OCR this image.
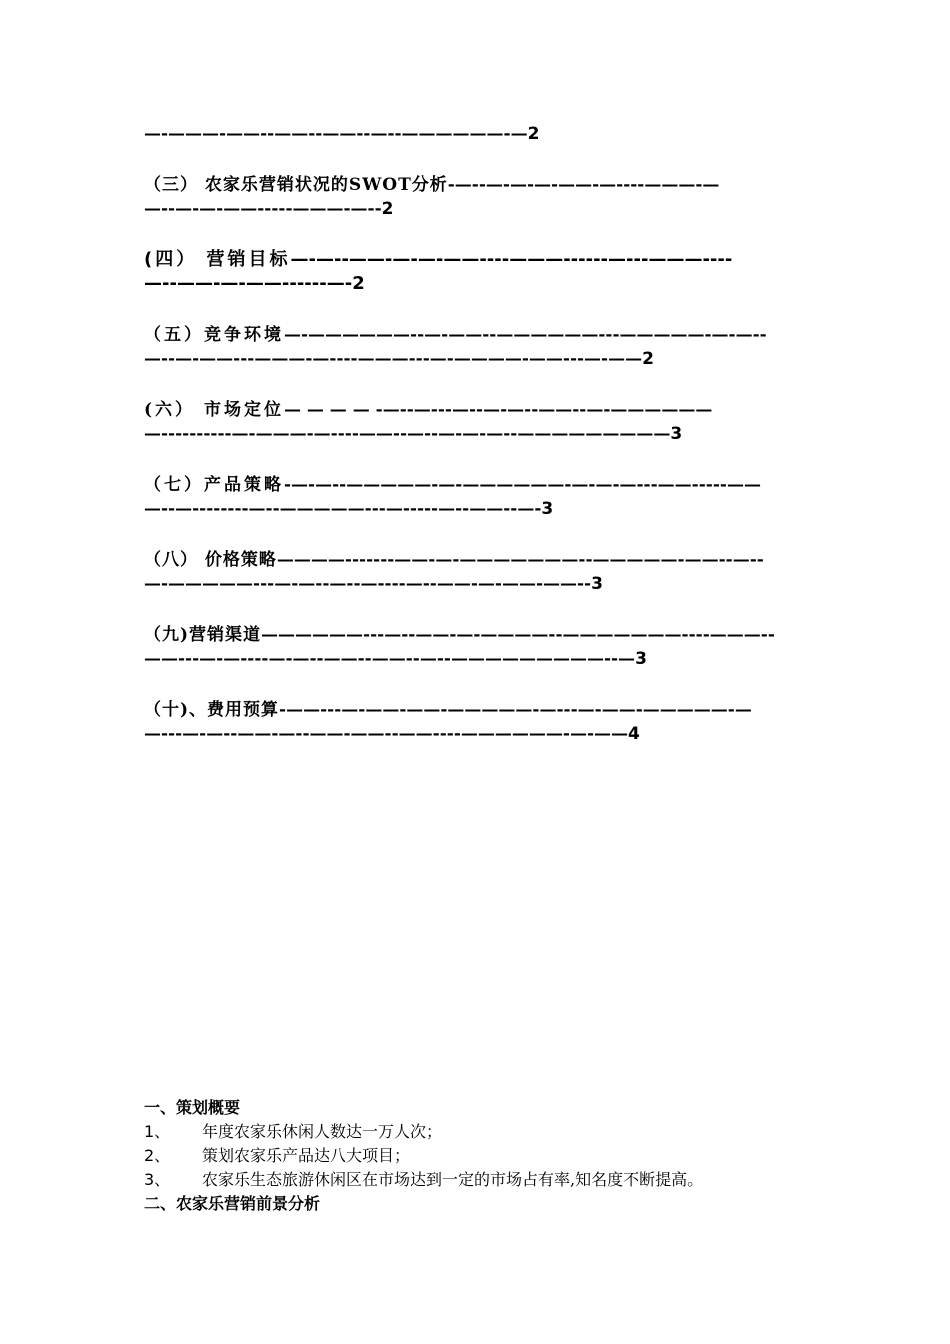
—-———-——--——--——--—--——————-—2
（三） 农家乐营销状况的SWOT分析-—--—-—-—-——-—----———-—
—--—-—-——-----———-—--2
(四） 营销目标—-—--——-—-—-——----———------—---———----
—--——-—-——------—-2
（五）竞争环境—-——————--—-——--——————---—————-—-—--
—--—-——---———-—----———---—-————-——---—-——2
(六） 市场定位— — — — -—--—---—--—-—--——--—-——————
—----------—-———-—----——--—--—-—-—--—————————3
（七）产品策略-—-—--—————-—-——————-—-—-—---——-----——
—--—--------—--—————---—-----—--——--—-3
（八） 价格策略————-------——-—-———————--—————-——--—--
—-—————---—-—--—--—----—--——-—-——-——--3
（九)营销渠道——————---—--——-—-————--———————----———--
——---—-—----—-—--——--——--—--—————————--—3
（十)、费用预算-——---—-——-——-—————-—---—-——-—————-—
—---—-—--——-—--——-——--——----——————-—-——4
一、策划概要
1、	年度农家乐休闲人数达一万人次；
2、	策划农家乐产品达八大项目；
3、	农家乐生态旅游休闲区在市场达到一定的市场占有率,知名度不断提高。
二、农家乐营销前景分析
